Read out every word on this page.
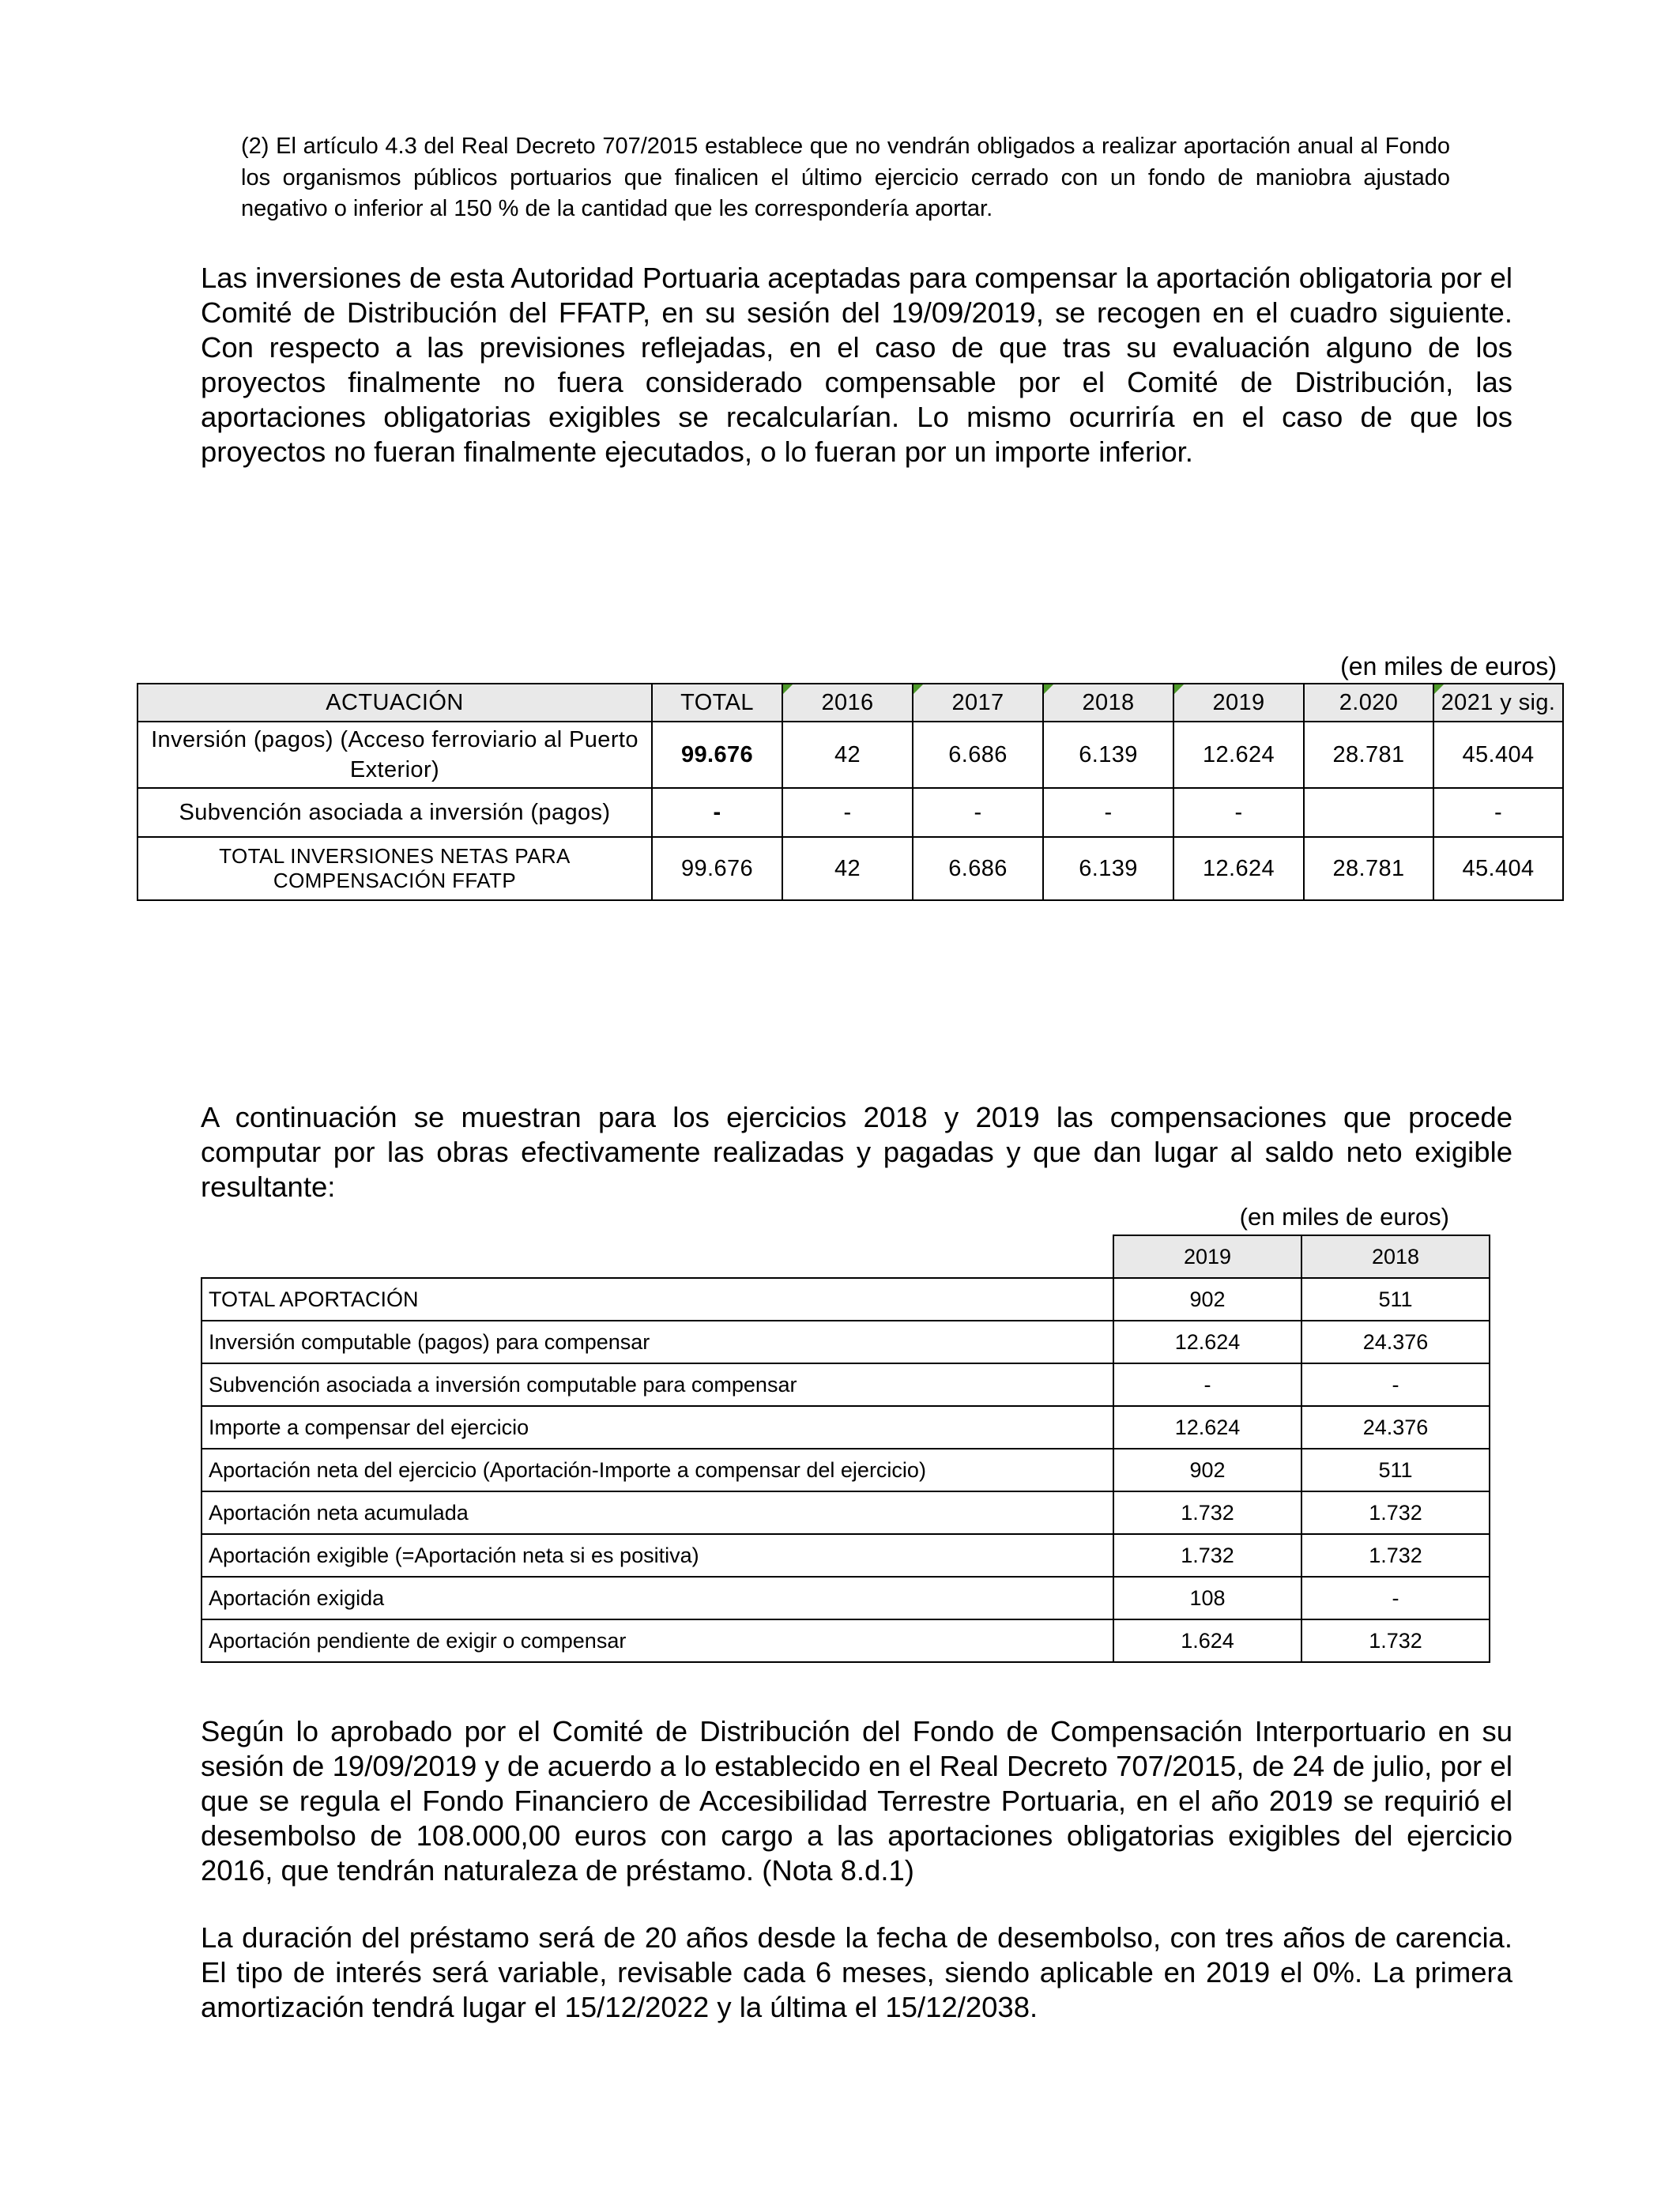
(2) El artículo 4.3 del Real Decreto 707/2015 establece que no vendrán obligados a realizar aportación anual al Fondo los organismos públicos portuarios que finalicen el último ejercicio cerrado con un fondo de maniobra ajustado negativo o inferior al 150 % de la cantidad que les correspondería aportar.
Las inversiones de esta Autoridad Portuaria aceptadas para compensar la aportación obligatoria por el Comité de Distribución del FFATP, en su sesión del 19/09/2019, se recogen en el cuadro siguiente. Con respecto a las previsiones reflejadas, en el caso de que tras su evaluación alguno de los proyectos finalmente no fuera considerado compensable por el Comité de Distribución, las aportaciones obligatorias exigibles se recalcularían. Lo mismo ocurriría en el caso de que los proyectos no fueran finalmente ejecutados, o lo fueran por un importe inferior.
(en miles de euros)
ACTUACIÓN	TOTAL	2016	2017	2018	2019	2.020	2021 y sig.
Inversión (pagos) (Acceso ferroviario al Puerto Exterior)	99.676	42	6.686	6.139	12.624	28.781	45.404
Subvención asociada a inversión (pagos)	-	-	-	-	-		-
TOTAL INVERSIONES NETAS PARA COMPENSACIÓN FFATP	99.676	42	6.686	6.139	12.624	28.781	45.404
A continuación se muestran para los ejercicios 2018 y 2019 las compensaciones que procede computar por las obras efectivamente realizadas y pagadas y que dan lugar al saldo neto exigible resultante:
(en miles de euros)
	2019	2018
TOTAL APORTACIÓN	902	511
Inversión computable (pagos) para compensar	12.624	24.376
Subvención asociada a inversión computable para compensar	-	-
Importe a compensar del ejercicio	12.624	24.376
Aportación neta del ejercicio (Aportación-Importe a compensar del ejercicio)	902	511
Aportación neta acumulada	1.732	1.732
Aportación exigible (=Aportación neta si es positiva)	1.732	1.732
Aportación exigida	108	-
Aportación pendiente de exigir o compensar	1.624	1.732
Según lo aprobado por el Comité de Distribución del Fondo de Compensación Interportuario en su sesión de 19/09/2019 y de acuerdo a lo establecido en el Real Decreto 707/2015, de 24 de julio, por el que se regula el Fondo Financiero de Accesibilidad Terrestre Portuaria, en el año 2019 se requirió el desembolso de 108.000,00 euros con cargo a las aportaciones obligatorias exigibles del ejercicio 2016, que tendrán naturaleza de préstamo. (Nota 8.d.1)
La duración del préstamo será de 20 años desde la fecha de desembolso, con tres años de carencia. El tipo de interés será variable, revisable cada 6 meses, siendo aplicable en 2019 el 0%. La primera amortización tendrá lugar el 15/12/2022 y la última el 15/12/2038.
